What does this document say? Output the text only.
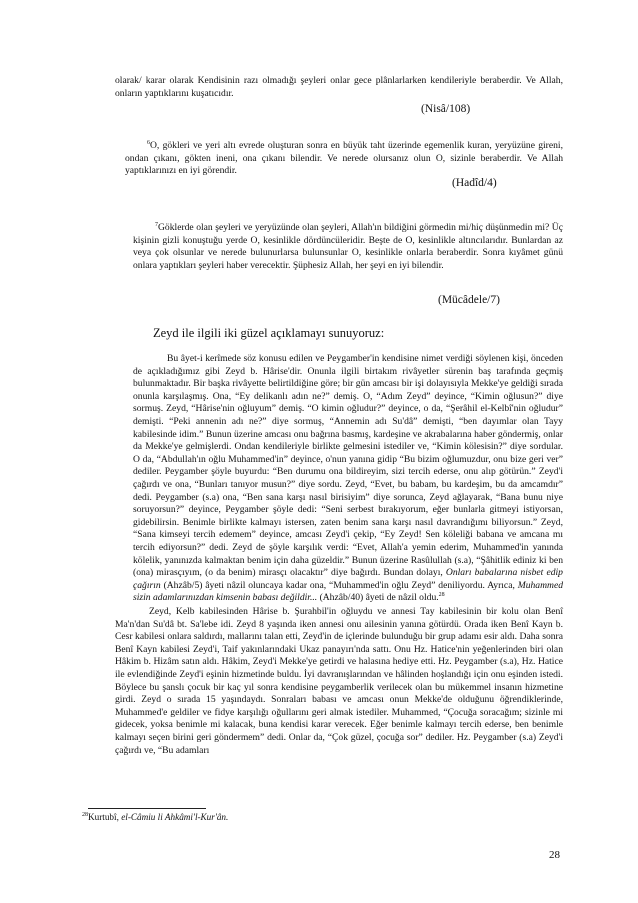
olarak/ karar olarak Kendisinin razı olmadığı şeyleri onlar gece plânlarlarken kendileriyle beraberdir. Ve Allah, onların yaptıklarını kuşatıcıdır.

(Nisâ/108)

$^6$O, gökleri ve yeri altı evrede oluşturan sonra en büyük taht üzerinde egemenlik kuran, yeryüzüne gireni, ondan çıkanı, gökten ineni, ona çıkanı bilendir. Ve nerede olursanız olun O, sizinle beraberdir. Ve Allah yaptıklarınızı en iyi görendir.

(Hadîd/4)

$^7$Göklerde olan şeyleri ve yeryüzünde olan şeyleri, Allah'ın bildiğini görmedin mi/hiç düşünmedin mi? Üç kişinin gizli konuştuğu yerde O, kesinlikle dördüncüleridir. Beşte de O, kesinlikle altıncılarıdır. Bunlardan az veya çok olsunlar ve nerede bulunurlarsa bulunsunlar O, kesinlikle onlarla beraberdir. Sonra kıyâmet günü onlara yaptıkları şeyleri haber verecektir. Şüphesiz Allah, her şeyi en iyi bilendir.

(Mücâdele/7)
Zeyd ile ilgili iki güzel açıklamayı sunuyoruz:

Bu âyet-i kerîmede söz konusu edilen ve Peygamber'in kendisine nimet verdiği söylenen kişi, önceden de açıkladığımız gibi Zeyd b. Hârise'dir. Onunla ilgili birtakım rivâyetler sürenin baş tarafında geçmiş bulunmaktadır. Bir başka rivâyette belirtildiğine göre; bir gün amcası bir işi dolayısıyla Mekke'ye geldiği sırada onunla karşılaşmış. Ona, “Ey delikanlı adın ne?” demiş. O, “Adım Zeyd” deyince, “Kimin oğlusun?” diye sormuş. Zeyd, “Hârise'nin oğluyum” demiş. “O kimin oğludur?” deyince, o da, “Şerâhil el-Kelbî'nin oğludur” demişti. “Peki annenin adı ne?” diye sormuş, “Annemin adı Su'dâ” demişti, “ben dayımlar olan Tayy kabilesinde idim.” Bunun üzerine amcası onu bağrına basmış, kardeşine ve akrabalarına haber göndermiş, onlar da Mekke'ye gelmişlerdi. Ondan kendileriyle birlikte gelmesini istediler ve, “Kimin kölesisin?” diye sordular. O da, “Abdullah'ın oğlu Muhammed'in” deyince, o'nun yanına gidip “Bu bizim oğlumuzdur, onu bize geri ver” dediler. Peygamber şöyle buyurdu: “Ben durumu ona bildireyim, sizi tercih ederse, onu alıp götürün.” Zeyd'i çağırdı ve ona, “Bunları tanıyor musun?” diye sordu. Zeyd, “Evet, bu babam, bu kardeşim, bu da amcamdır” dedi. Peygamber (s.a) ona, “Ben sana karşı nasıl birisiyim” diye sorunca, Zeyd ağlayarak, “Bana bunu niye soruyorsun?” deyince, Peygamber şöyle dedi: “Seni serbest bırakıyorum, eğer bunlarla gitmeyi istiyorsan, gidebilirsin. Benimle birlikte kalmayı istersen, zaten benim sana karşı nasıl davrandığımı biliyorsun.” Zeyd, “Sana kimseyi tercih edemem” deyince, amcası Zeyd'i çekip, “Ey Zeyd! Sen köleliği babana ve amcana mı tercih ediyorsun?” dedi. Zeyd de şöyle karşılık verdi: “Evet, Allah'a yemin ederim, Muhammed'in yanında kölelik, yanınızda kalmaktan benim için daha güzeldir.” Bunun üzerine Rasûlullah (s.a), “Şâhitlik ediniz ki ben (ona) mirasçıyım, (o da benim) mirasçı olacaktır” diye bağırdı. Bundan dolayı, Onları babalarına nisbet edip çağırın (Ahzâb/5) âyeti nâzil oluncaya kadar ona, “Muhammed'in oğlu Zeyd” deniliyordu. Ayrıca, Muhammed sizin adamlarınızdan kimsenin babası değildir... (Ahzâb/40) âyeti de nâzil oldu.$^{28}$

Zeyd, Kelb kabilesinden Hârise b. Şurahbil'in oğluydu ve annesi Tay kabilesinin bir kolu olan Benî Ma'n'dan Su'dâ bt. Sa'lebe idi. Zeyd 8 yaşında iken annesi onu ailesinin yanına götürdü. Orada iken Benî Kayn b. Cesr kabilesi onlara saldırdı, mallarını talan etti, Zeyd'in de içlerinde bulunduğu bir grup adamı esir aldı. Daha sonra Benî Kayn kabilesi Zeyd'i, Taif yakınlarındaki Ukaz panayırı'nda sattı. Onu Hz. Hatice'nin yeğenlerinden biri olan Hâkim b. Hizâm satın aldı. Hâkim, Zeyd'i Mekke'ye getirdi ve halasına hediye etti. Hz. Peygamber (s.a), Hz. Hatice ile evlendiğinde Zeyd'i eşinin hizmetinde buldu. İyi davranışlarından ve hâlinden hoşlandığı için onu eşinden istedi. Böylece bu şanslı çocuk bir kaç yıl sonra kendisine peygamberlik verilecek olan bu mükemmel insanın hizmetine girdi. Zeyd o sırada 15 yaşındaydı. Sonraları babası ve amcası onun Mekke'de olduğunu öğrendiklerinde, Muhammed'e geldiler ve fidye karşılığı oğullarını geri almak istediler. Muhammed, “Çocuğa soracağım; sizinle mi gidecek, yoksa benimle mi kalacak, buna kendisi karar verecek. Eğer benimle kalmayı tercih ederse, ben benimle kalmayı seçen birini geri göndermem” dedi. Onlar da, “Çok güzel, çocuğa sor” dediler. Hz. Peygamber (s.a) Zeyd'i çağırdı ve, “Bu adamları

$^{28}$Kurtubî, el-Câmiu li Ahkâmi'l-Kur'ân.
28
